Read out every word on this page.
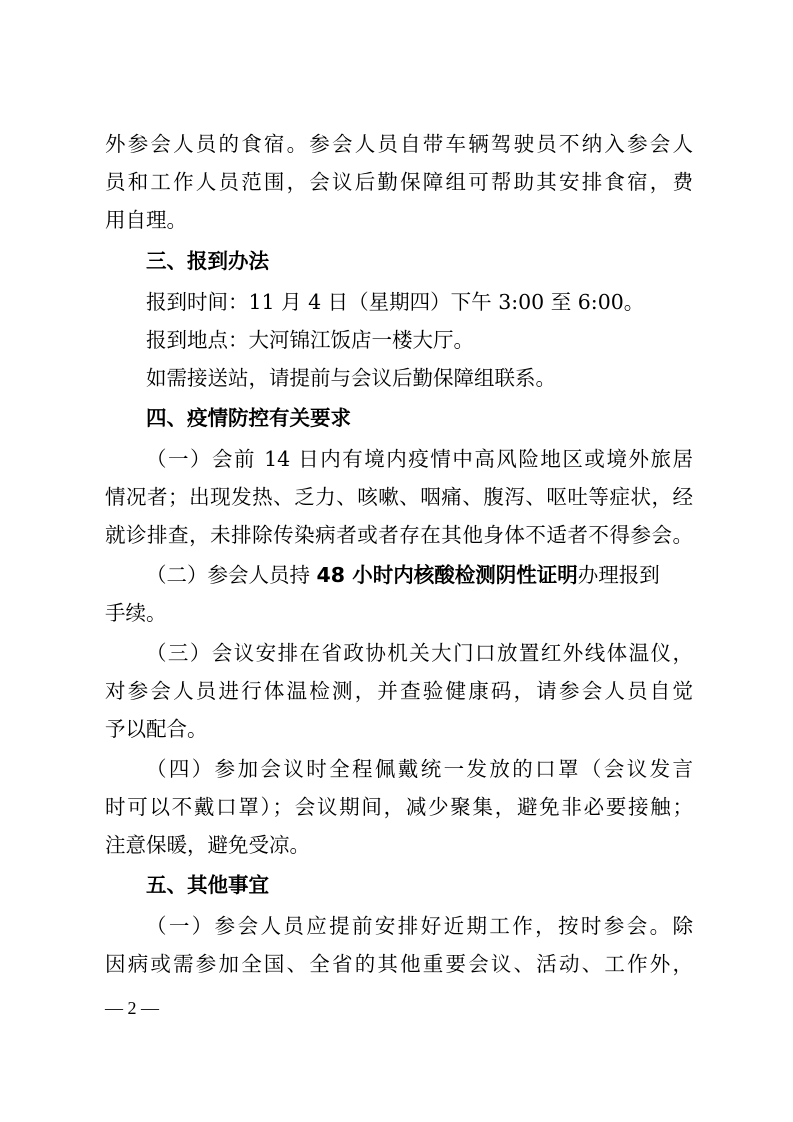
外参会人员的食宿。参会人员自带车辆驾驶员不纳入参会人
员和工作人员范围，会议后勤保障组可帮助其安排食宿，费
用自理。
三、报到办法
报到时间：11 月 4 日（星期四）下午 3:00 至 6:00。
报到地点：大河锦江饭店一楼大厅。
如需接送站，请提前与会议后勤保障组联系。
四、疫情防控有关要求
（一）会前 14 日内有境内疫情中高风险地区或境外旅居
情况者；出现发热、乏力、咳嗽、咽痛、腹泻、呕吐等症状，经
就诊排查，未排除传染病者或者存在其他身体不适者不得参会。
（二）参会人员持 48 小时内核酸检测阴性证明办理报到
手续。
（三）会议安排在省政协机关大门口放置红外线体温仪，
对参会人员进行体温检测，并查验健康码，请参会人员自觉
予以配合。
（四）参加会议时全程佩戴统一发放的口罩（会议发言
时可以不戴口罩）；会议期间，减少聚集，避免非必要接触；
注意保暖，避免受凉。
五、其他事宜
（一）参会人员应提前安排好近期工作，按时参会。除
因病或需参加全国、全省的其他重要会议、活动、工作外，
— 2 —
